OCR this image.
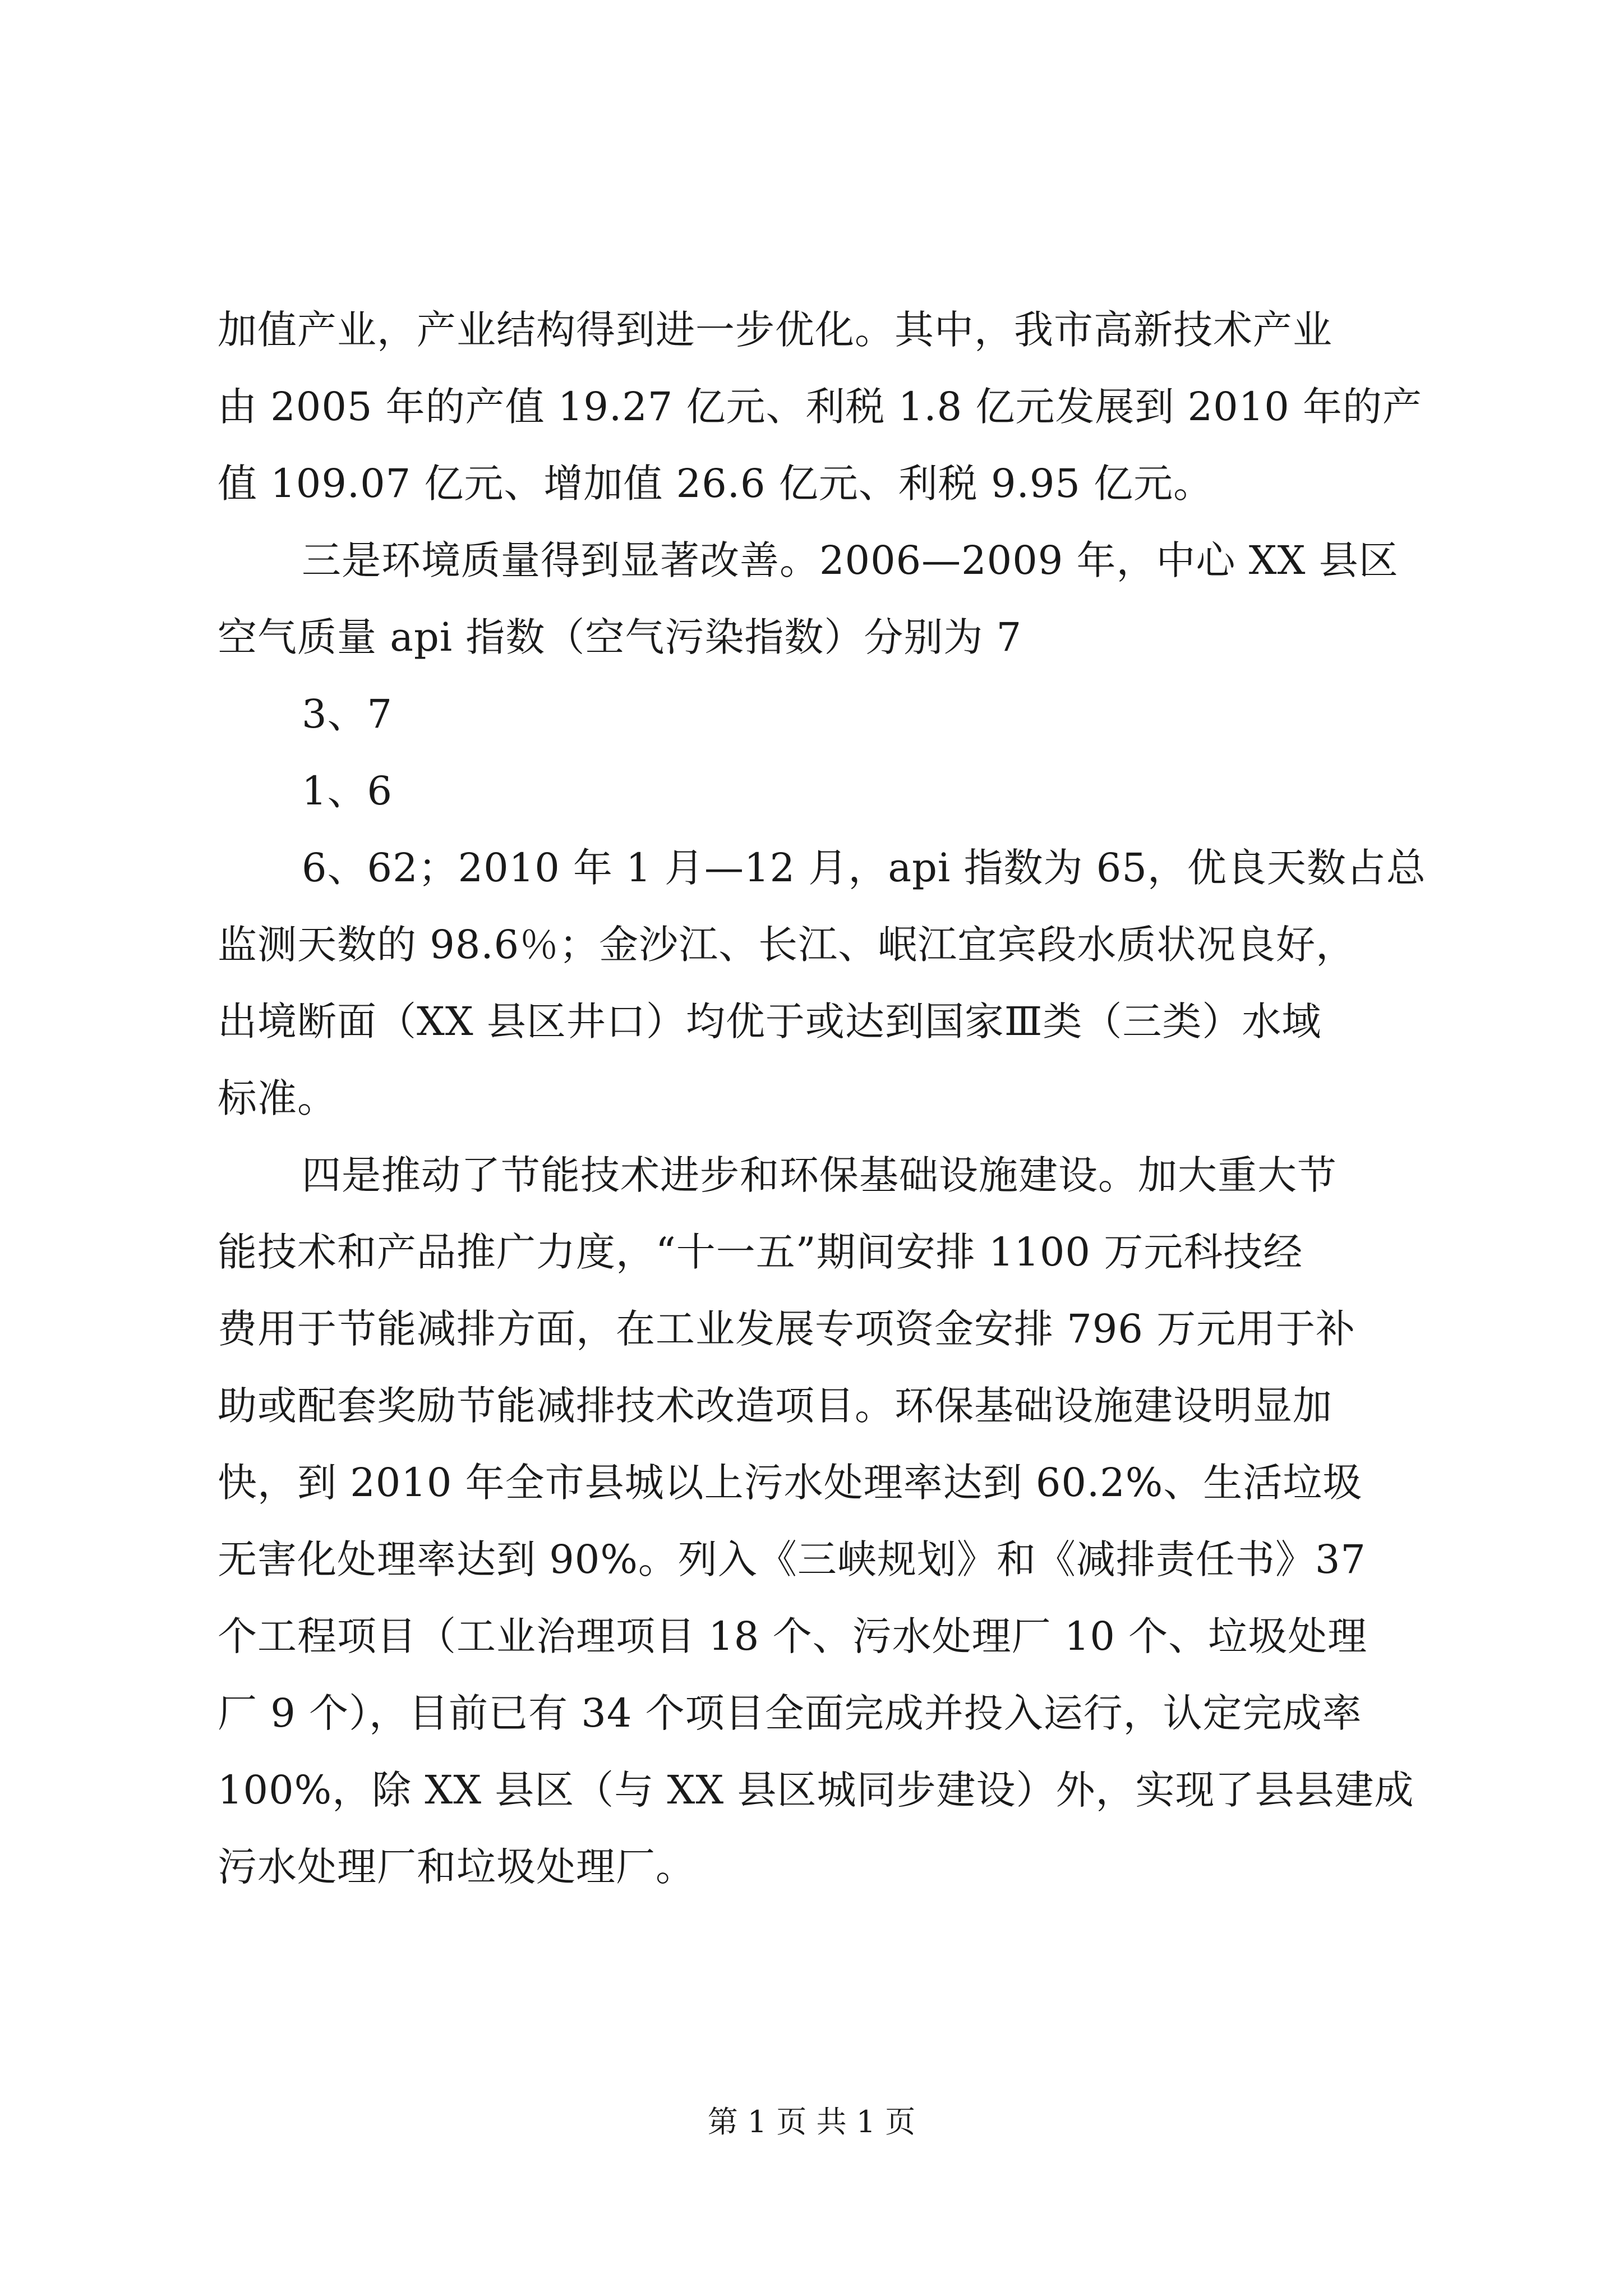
加值产业，产业结构得到进一步优化。其中，我市高新技术产业
由 2005 年的产值 19.27 亿元、利税 1.8 亿元发展到 2010 年的产
值 109.07 亿元、增加值 26.6 亿元、利税 9.95 亿元。
三是环境质量得到显著改善。2006—2009 年，中心 XX 县区
空气质量 api 指数（空气污染指数）分别为 7
3、7
1、6
6、62；2010 年 1 月—12 月，api 指数为 65，优良天数占总
监测天数的 98.6％；金沙江、长江、岷江宜宾段水质状况良好，
出境断面（XX 县区井口）均优于或达到国家Ⅲ类（三类）水域
标准。
四是推动了节能技术进步和环保基础设施建设。加大重大节
能技术和产品推广力度，“十一五”期间安排 1100 万元科技经
费用于节能减排方面，在工业发展专项资金安排 796 万元用于补
助或配套奖励节能减排技术改造项目。环保基础设施建设明显加
快，到 2010 年全市县城以上污水处理率达到 60.2%、生活垃圾
无害化处理率达到 90%。列入《三峡规划》和《减排责任书》37
个工程项目（工业治理项目 18 个、污水处理厂 10 个、垃圾处理
厂 9 个），目前已有 34 个项目全面完成并投入运行，认定完成率
100%，除 XX 县区（与 XX 县区城同步建设）外，实现了县县建成
污水处理厂和垃圾处理厂。
第 1 页 共 1 页
